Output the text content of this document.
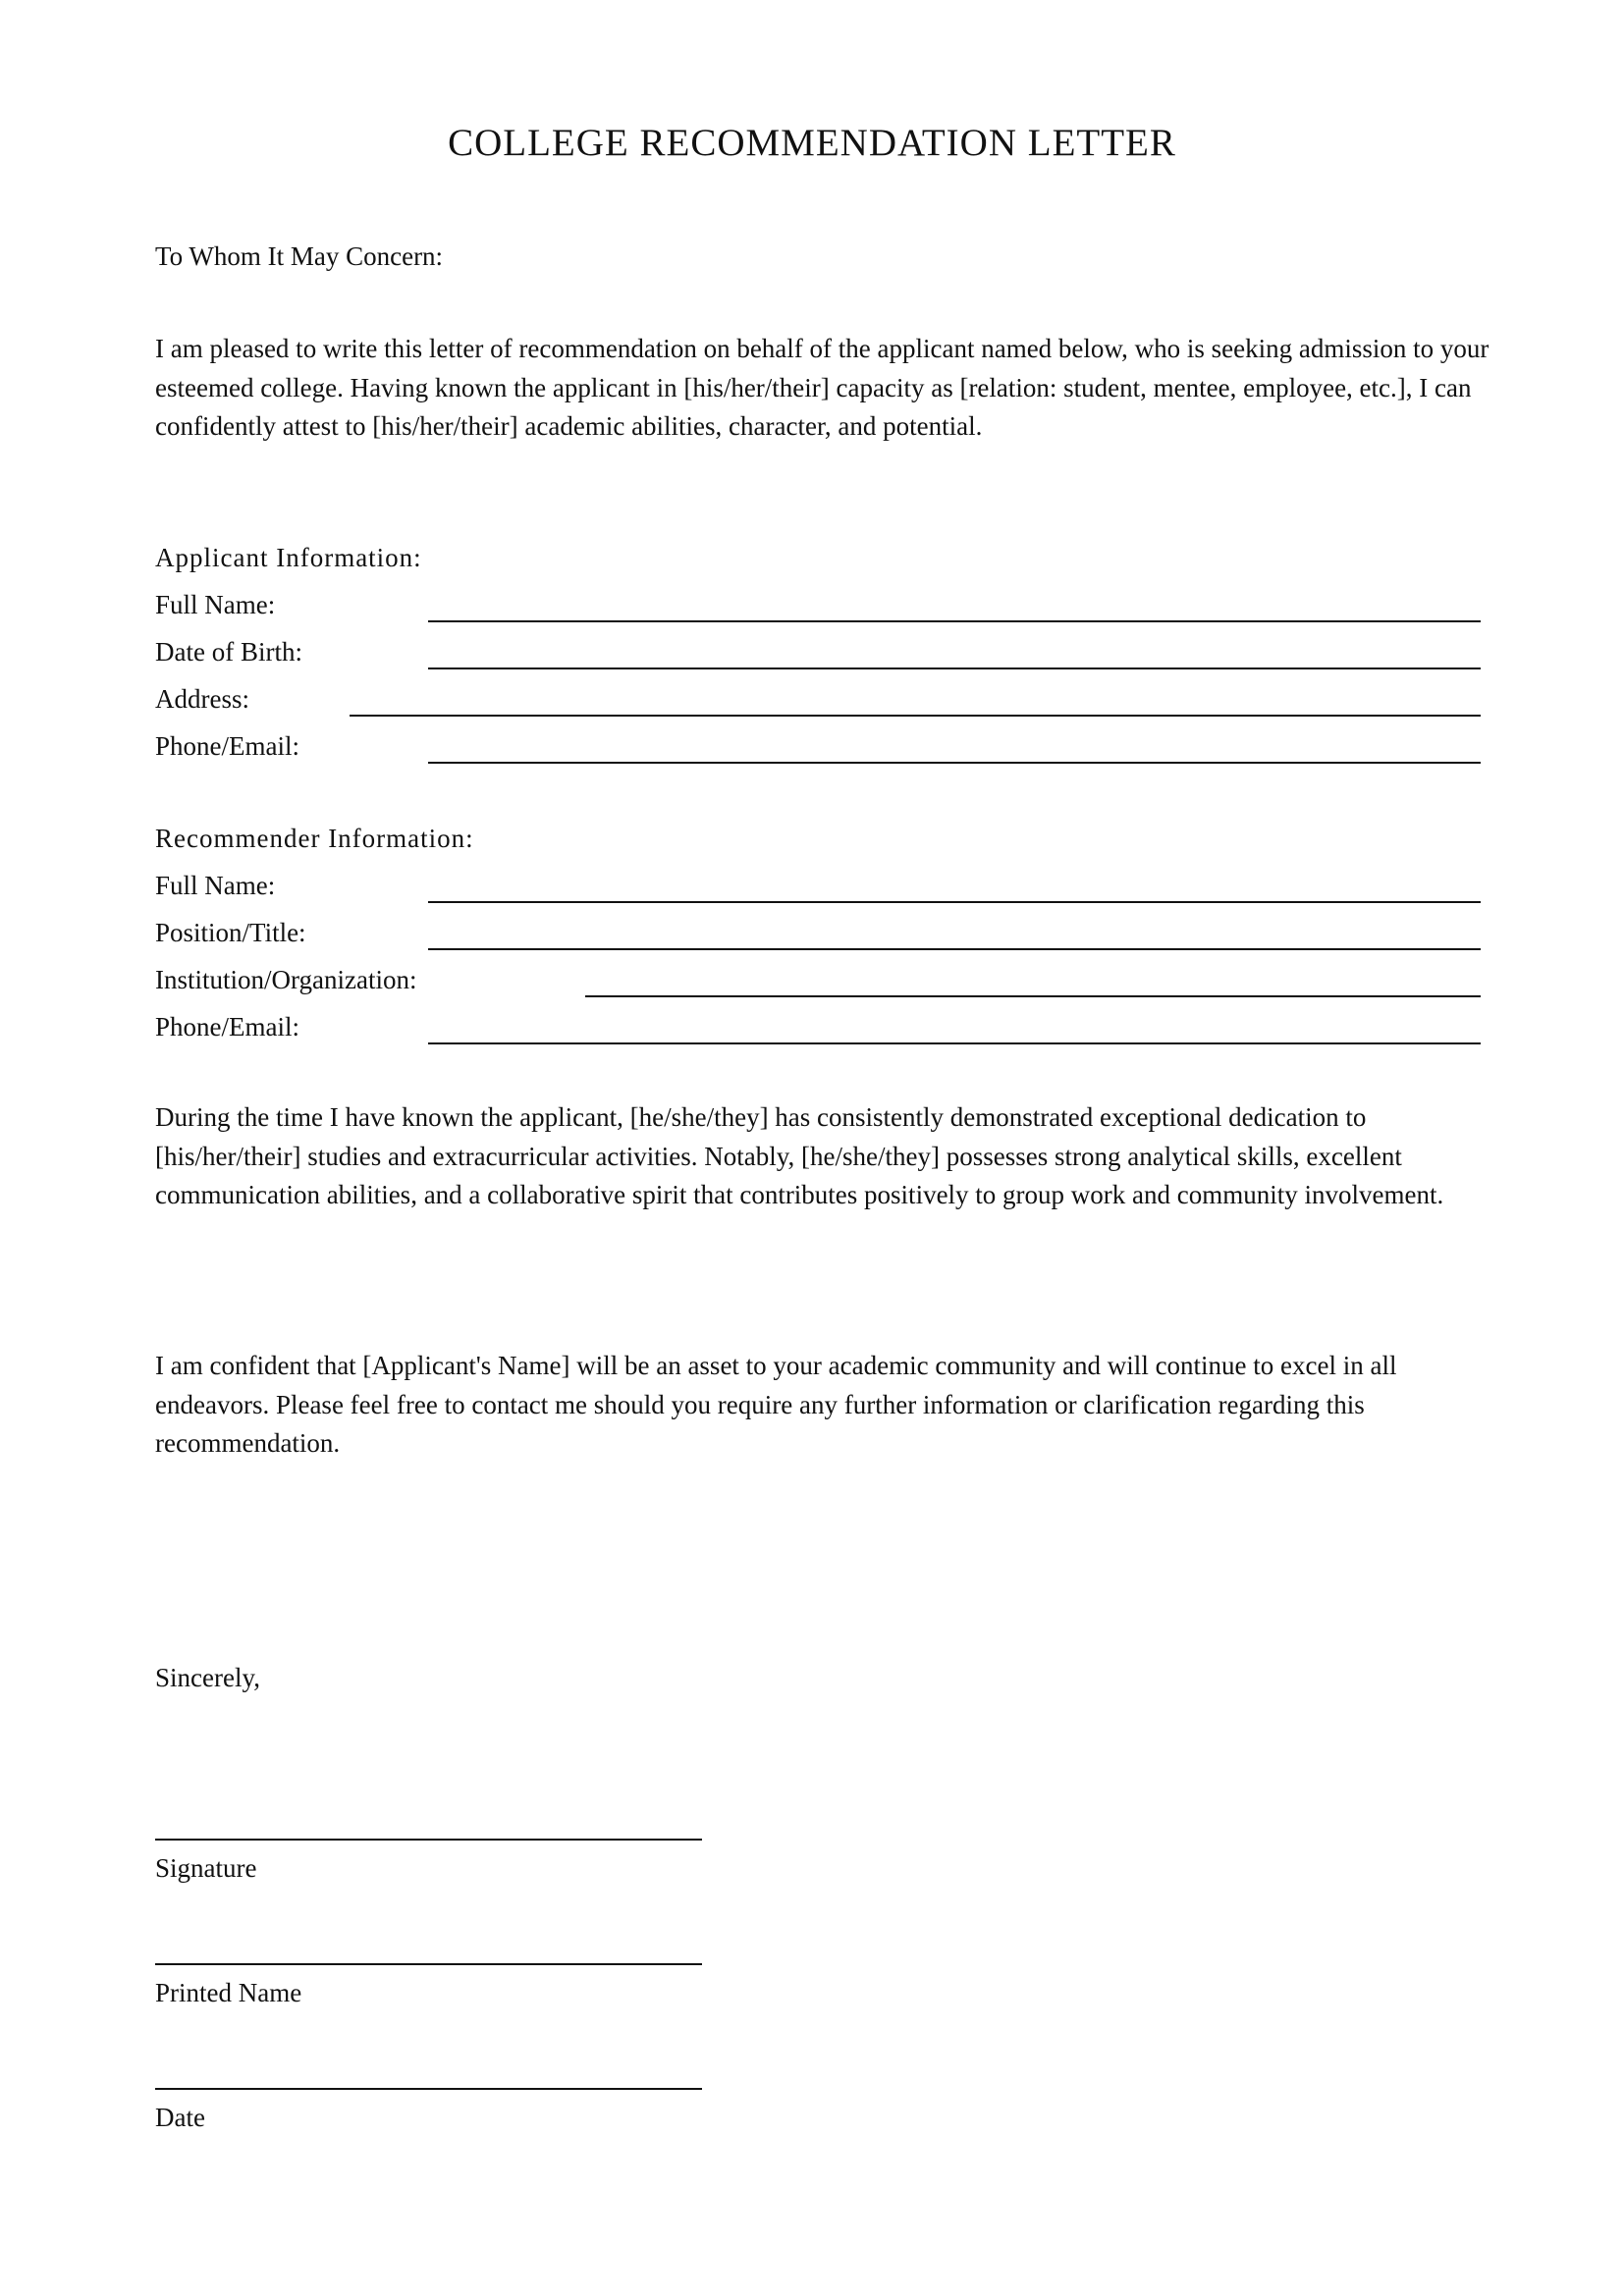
COLLEGE RECOMMENDATION LETTER
To Whom It May Concern:
I am pleased to write this letter of recommendation on behalf of the applicant named below, who is seeking admission to your esteemed college. Having known the applicant in [his/her/their] capacity as [relation: student, mentee, employee, etc.], I can confidently attest to [his/her/their] academic abilities, character, and potential.
Applicant Information:
Full Name:
Date of Birth:
Address:
Phone/Email:
Recommender Information:
Full Name:
Position/Title:
Institution/Organization:
Phone/Email:
During the time I have known the applicant, [he/she/they] has consistently demonstrated exceptional dedication to [his/her/their] studies and extracurricular activities. Notably, [he/she/they] possesses strong analytical skills, excellent communication abilities, and a collaborative spirit that contributes positively to group work and community involvement.
I am confident that [Applicant's Name] will be an asset to your academic community and will continue to excel in all endeavors. Please feel free to contact me should you require any further information or clarification regarding this recommendation.
Sincerely,
Signature
Printed Name
Date
